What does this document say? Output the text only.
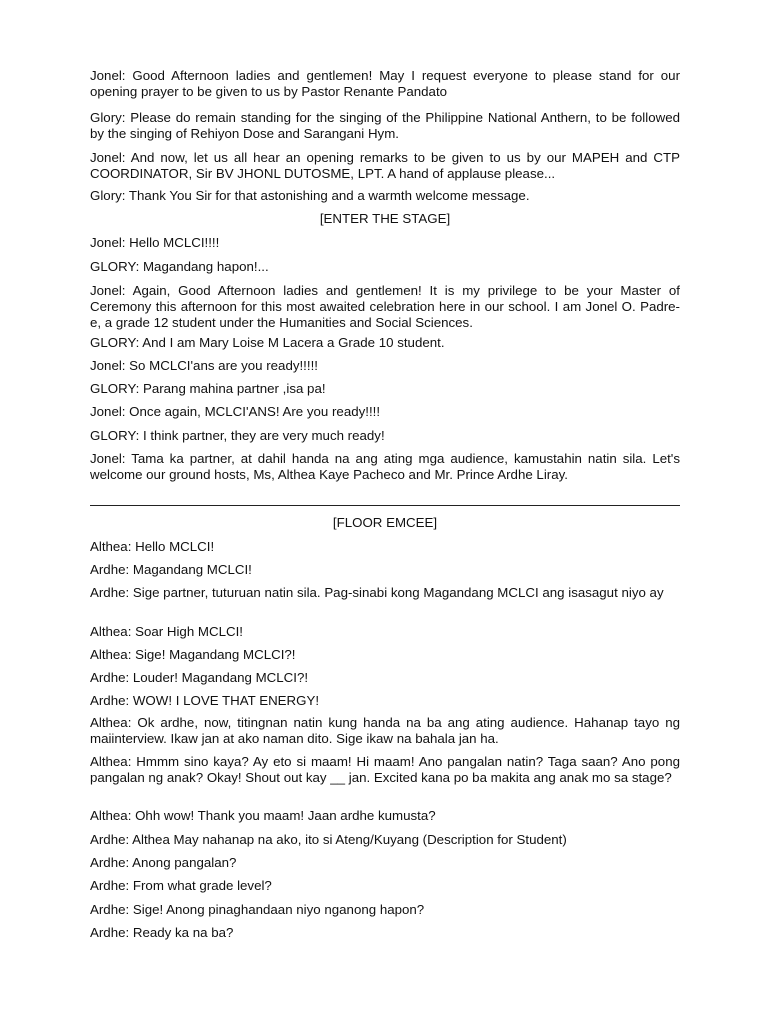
Jonel: Good Afternoon ladies and gentlemen! May I request everyone to please stand for our opening prayer to be given to us by Pastor Renante Pandato

Glory: Please do remain standing for the singing of the Philippine National Anthern, to be followed by the singing of Rehiyon Dose and Sarangani Hym.

Jonel: And now, let us all hear an opening remarks to be given to us by our MAPEH and CTP COORDINATOR, Sir BV JHONL DUTOSME, LPT. A hand of applause please...

Glory: Thank You Sir for that astonishing and a warmth welcome message.

[ENTER THE STAGE]

Jonel: Hello MCLCI!!!!

GLORY: Magandang hapon!...

Jonel: Again, Good Afternoon ladies and gentlemen! It is my privilege to be your Master of Ceremony this afternoon for this most awaited celebration here in our school. I am Jonel O. Padre-e, a grade 12 student under the Humanities and Social Sciences.

GLORY: And I am Mary Loise M Lacera a Grade 10 student.

Jonel: So MCLCI'ans are you ready!!!!!

GLORY: Parang mahina partner ,isa pa!

Jonel: Once again, MCLCI'ANS! Are you ready!!!!

GLORY: I think partner, they are very much ready!

Jonel: Tama ka partner, at dahil handa na ang ating mga audience, kamustahin natin sila. Let's welcome our ground hosts, Ms, Althea Kaye Pacheco and Mr. Prince Ardhe Liray.

[FLOOR EMCEE]

Althea: Hello MCLCI!

Ardhe: Magandang MCLCI!

Ardhe: Sige partner, tuturuan natin sila. Pag-sinabi kong Magandang MCLCI ang isasagut niyo ay

Althea: Soar High MCLCI!

Althea: Sige! Magandang MCLCI?!

Ardhe: Louder! Magandang MCLCI?!

Ardhe: WOW! I LOVE THAT ENERGY!

Althea: Ok ardhe, now, titingnan natin kung handa na ba ang ating audience. Hahanap tayo ng maiinterview. Ikaw jan at ako naman dito. Sige ikaw na bahala jan ha.

Althea: Hmmm sino kaya? Ay eto si maam! Hi maam! Ano pangalan natin? Taga saan? Ano pong pangalan ng anak? Okay! Shout out kay __ jan. Excited kana po ba makita ang anak mo sa stage?

Althea: Ohh wow! Thank you maam! Jaan ardhe kumusta?

Ardhe: Althea May nahanap na ako, ito si Ateng/Kuyang (Description for Student)

Ardhe: Anong pangalan?

Ardhe: From what grade level?

Ardhe: Sige! Anong pinaghandaan niyo nganong hapon?

Ardhe: Ready ka na ba?
